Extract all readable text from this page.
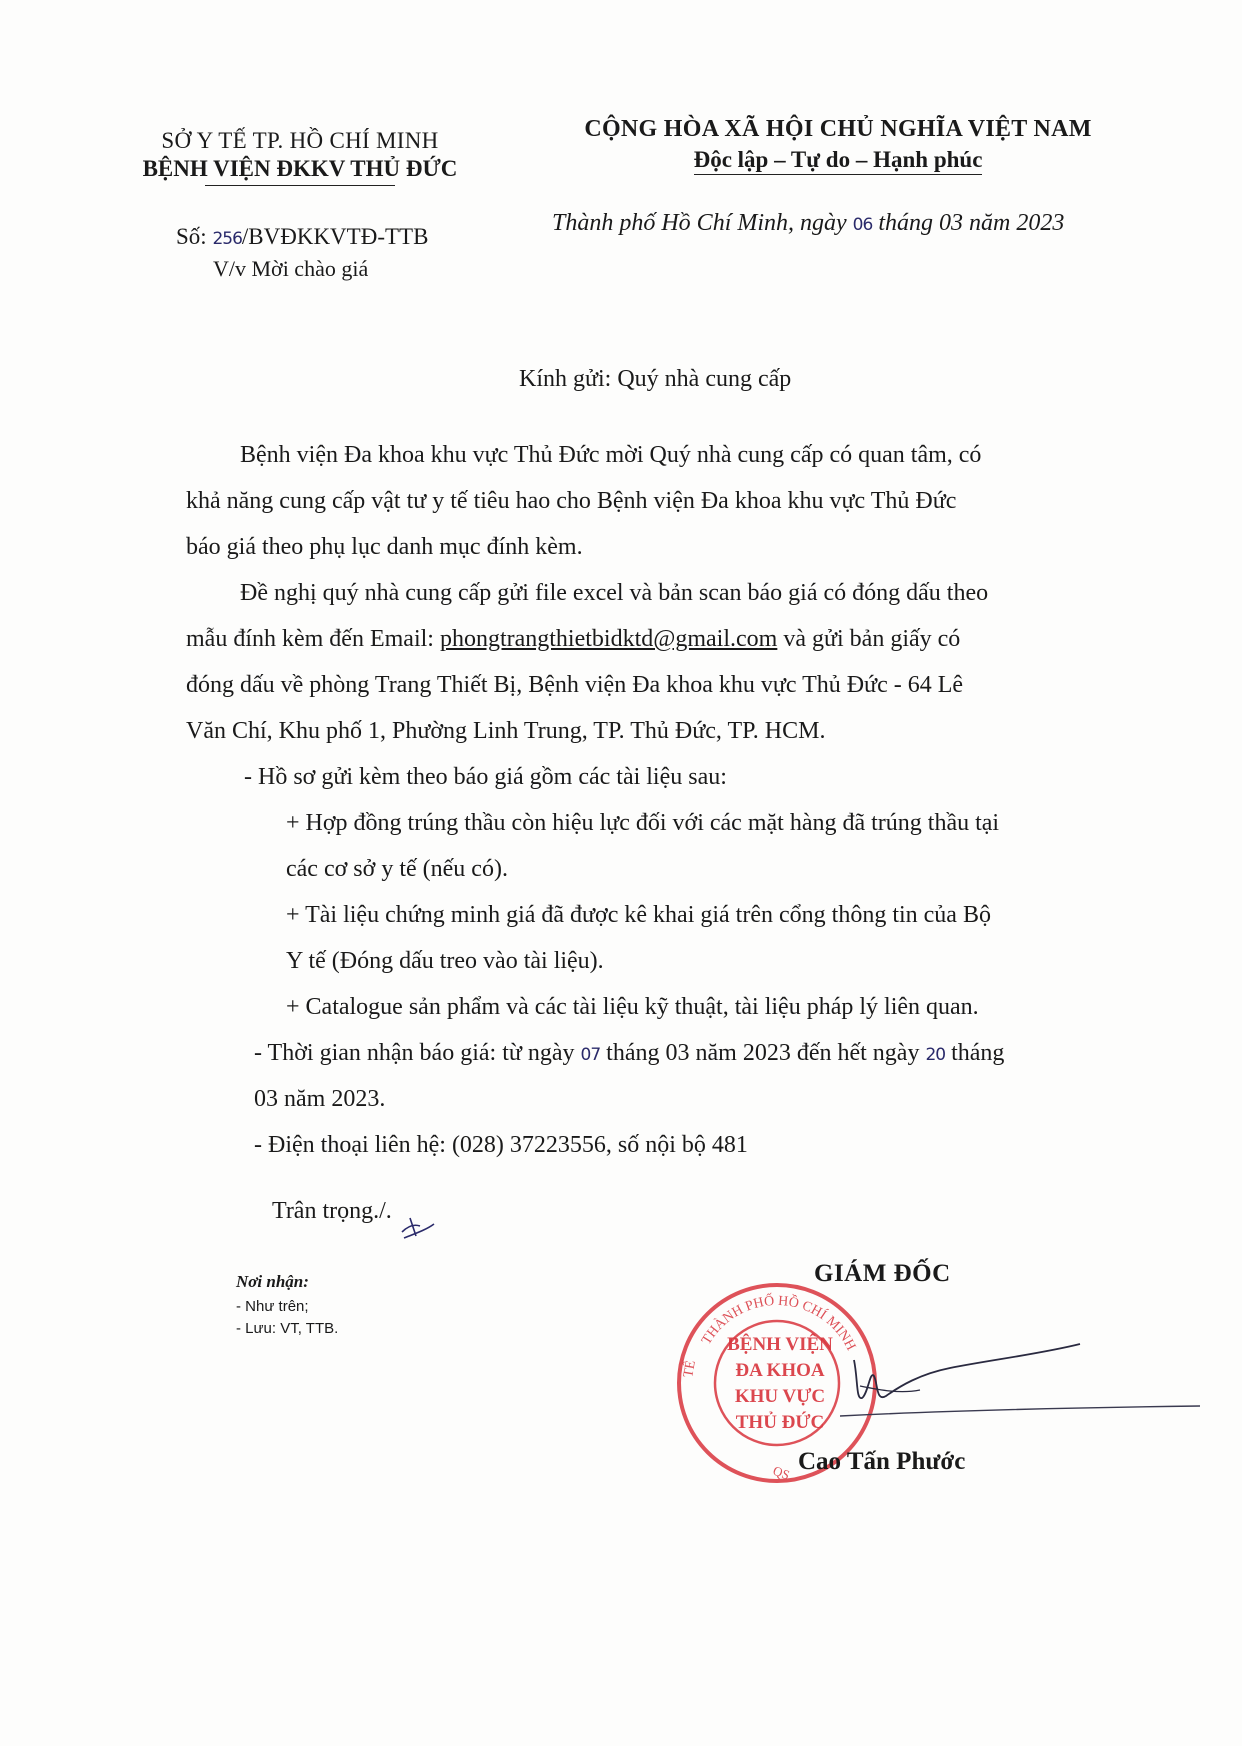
SỞ Y TẾ TP. HỒ CHÍ MINH
BỆNH VIỆN ĐKKV THỦ ĐỨC
CỘNG HÒA XÃ HỘI CHỦ NGHĨA VIỆT NAM
Độc lập – Tự do – Hạnh phúc
Số: 256/BVĐKKVTĐ-TTB
V/v Mời chào giá
Thành phố Hồ Chí Minh, ngày 06 tháng 03 năm 2023
Kính gửi: Quý nhà cung cấp
Bệnh viện Đa khoa khu vực Thủ Đức mời Quý nhà cung cấp có quan tâm, có
khả năng cung cấp vật tư y tế tiêu hao cho Bệnh viện Đa khoa khu vực Thủ Đức
báo giá theo phụ lục danh mục đính kèm.
Đề nghị quý nhà cung cấp gửi file excel và bản scan báo giá có đóng dấu theo
mẫu đính kèm đến Email: phongtrangthietbidktd@gmail.com và gửi bản giấy có
đóng dấu về phòng Trang Thiết Bị, Bệnh viện Đa khoa khu vực Thủ Đức - 64 Lê
Văn Chí, Khu phố 1, Phường Linh Trung, TP. Thủ Đức, TP. HCM.
- Hồ sơ gửi kèm theo báo giá gồm các tài liệu sau:
+ Hợp đồng trúng thầu còn hiệu lực đối với các mặt hàng đã trúng thầu tại
các cơ sở y tế (nếu có).
+ Tài liệu chứng minh giá đã được kê khai giá trên cổng thông tin của Bộ
Y tế (Đóng dấu treo vào tài liệu).
+ Catalogue sản phẩm và các tài liệu kỹ thuật, tài liệu pháp lý liên quan.
- Thời gian nhận báo giá: từ ngày 07 tháng 03 năm 2023 đến hết ngày 20 tháng
03 năm 2023.
- Điện thoại liên hệ: (028) 37223556, số nội bộ 481
Trân trọng./.
Nơi nhận:
- Như trên;
- Lưu: VT, TTB.
GIÁM ĐỐC
THÀNH PHỐ HỒ CHÍ MINH
TẾ
QS
BỆNH VIỆN
ĐA KHOA
KHU VỰC
THỦ ĐỨC
Cao Tấn Phước
